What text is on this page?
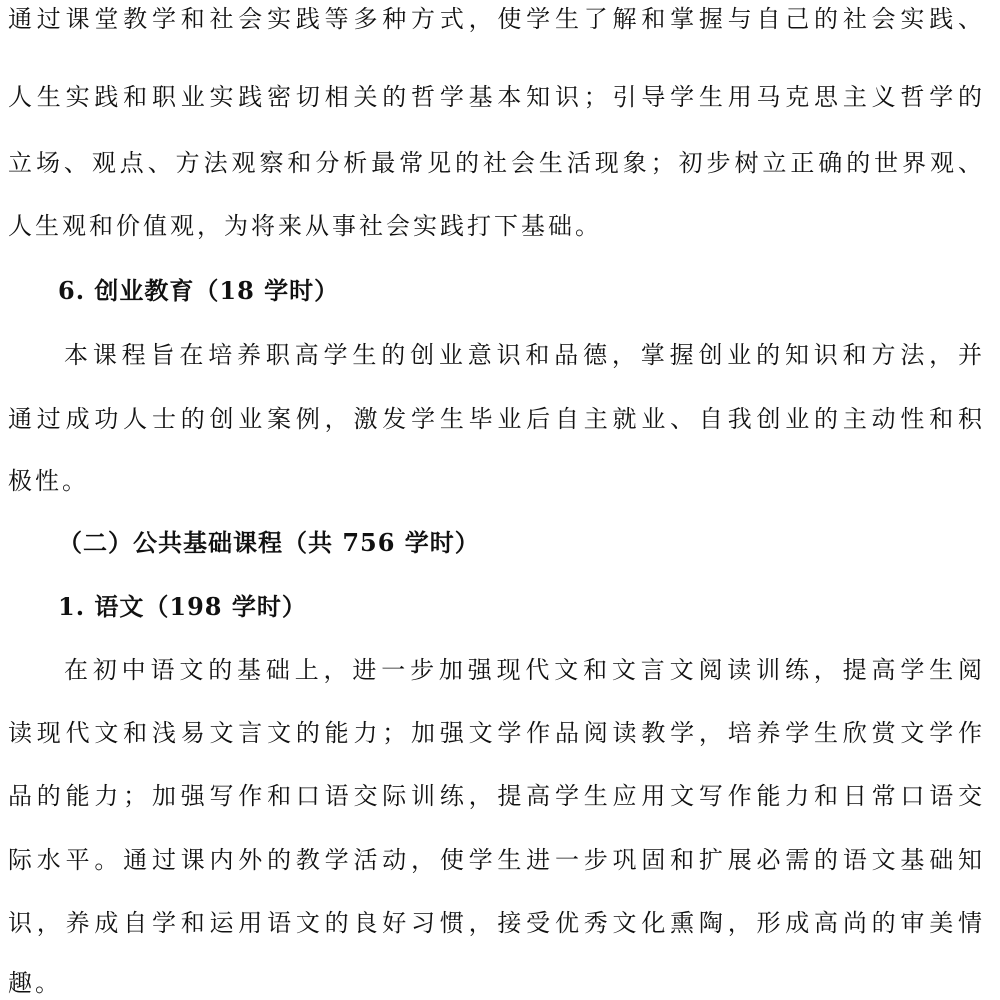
通过课堂教学和社会实践等多种方式，使学生了解和掌握与自己的社会实践、
人生实践和职业实践密切相关的哲学基本知识；引导学生用马克思主义哲学的
立场、观点、方法观察和分析最常见的社会生活现象；初步树立正确的世界观、
人生观和价值观，为将来从事社会实践打下基础。
6. 创业教育（18 学时）
本课程旨在培养职高学生的创业意识和品德，掌握创业的知识和方法，并
通过成功人士的创业案例，激发学生毕业后自主就业、自我创业的主动性和积
极性。
（二）公共基础课程（共 756 学时）
1. 语文（198 学时）
在初中语文的基础上，进一步加强现代文和文言文阅读训练，提高学生阅
读现代文和浅易文言文的能力；加强文学作品阅读教学，培养学生欣赏文学作
品的能力；加强写作和口语交际训练，提高学生应用文写作能力和日常口语交
际水平。通过课内外的教学活动，使学生进一步巩固和扩展必需的语文基础知
识，养成自学和运用语文的良好习惯，接受优秀文化熏陶，形成高尚的审美情
趣。
